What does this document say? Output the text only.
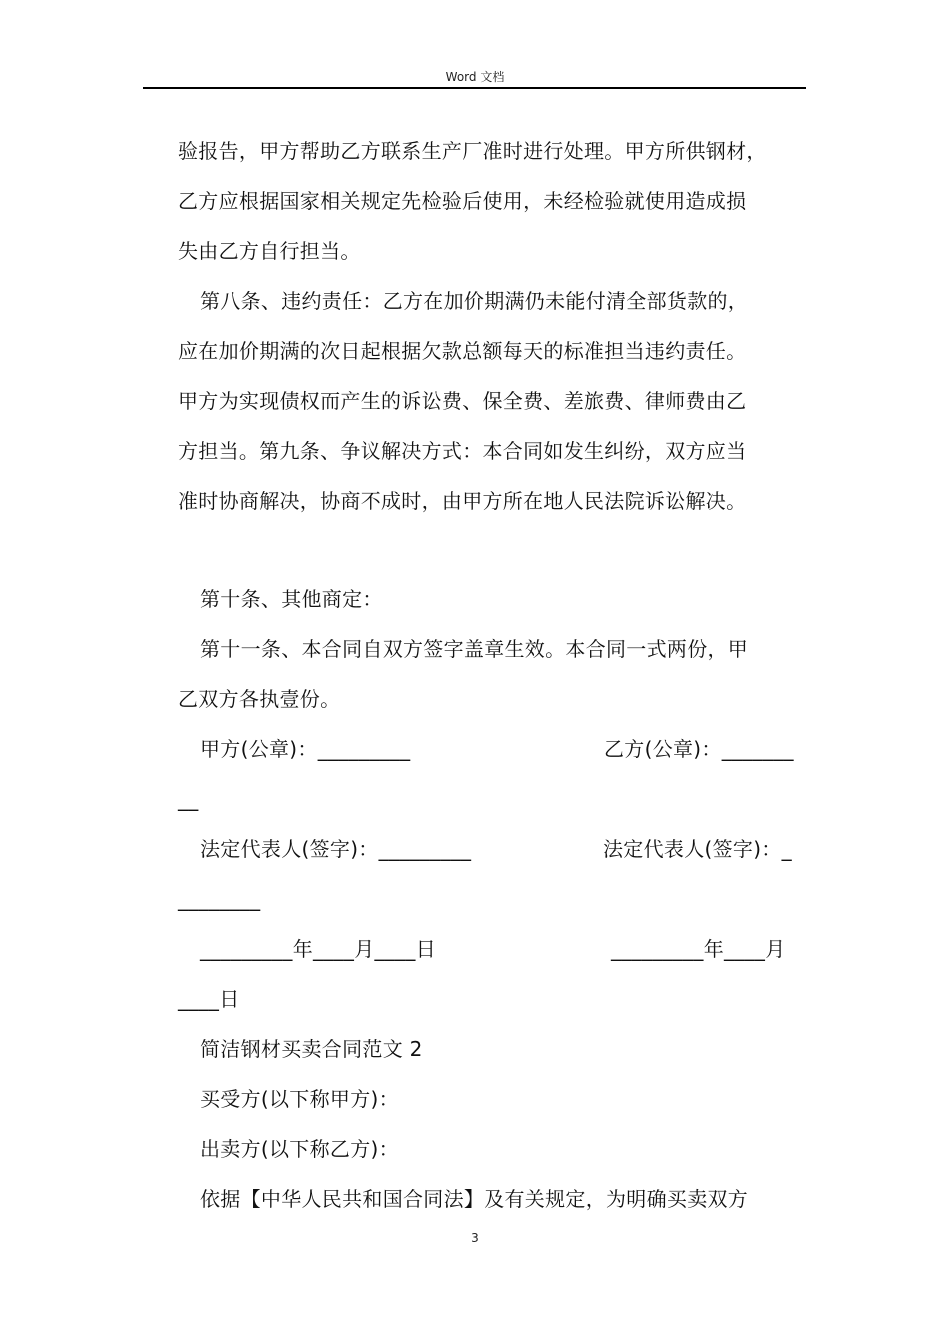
Word 文档
验报告，甲方帮助乙方联系生产厂准时进行处理。甲方所供钢材，
乙方应根据国家相关规定先检验后使用，未经检验就使用造成损
失由乙方自行担当。
第八条、违约责任：乙方在加价期满仍未能付清全部货款的，
应在加价期满的次日起根据欠款总额每天的标准担当违约责任。
甲方为实现债权而产生的诉讼费、保全费、差旅费、律师费由乙
方担当。第九条、争议解决方式：本合同如发生纠纷，双方应当
准时协商解决，协商不成时，由甲方所在地人民法院诉讼解决。
第十条、其他商定：
第十一条、本合同自双方签字盖章生效。本合同一式两份，甲
乙双方各执壹份。
甲方(公章)：_________	乙方(公章)：_______
__
法定代表人(签字)：_________	法定代表人(签字)：_
________
_________年____月____日	_________年____月
____日
简洁钢材买卖合同范文 2
买受方(以下称甲方)：
出卖方(以下称乙方)：
依据【中华人民共和国合同法】及有关规定，为明确买卖双方
3
